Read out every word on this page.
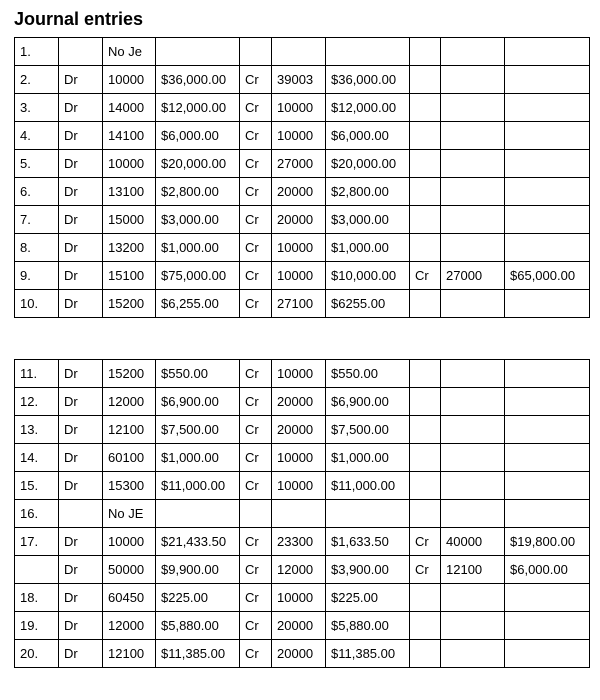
Journal entries
1.		No Je							
2.	Dr	10000	$36,000.00	Cr	39003	$36,000.00			
3.	Dr	14000	$12,000.00	Cr	10000	$12,000.00			
4.	Dr	14100	$6,000.00	Cr	10000	$6,000.00			
5.	Dr	10000	$20,000.00	Cr	27000	$20,000.00			
6.	Dr	13100	$2,800.00	Cr	20000	$2,800.00			
7.	Dr	15000	$3,000.00	Cr	20000	$3,000.00			
8.	Dr	13200	$1,000.00	Cr	10000	$1,000.00			
9.	Dr	15100	$75,000.00	Cr	10000	$10,000.00	Cr	27000	$65,000.00
10.	Dr	15200	$6,255.00	Cr	27100	$6255.00			
11.	Dr	15200	$550.00	Cr	10000	$550.00			
12.	Dr	12000	$6,900.00	Cr	20000	$6,900.00			
13.	Dr	12100	$7,500.00	Cr	20000	$7,500.00			
14.	Dr	60100	$1,000.00	Cr	10000	$1,000.00			
15.	Dr	15300	$11,000.00	Cr	10000	$11,000.00			
16.		No JE							
17.	Dr	10000	$21,433.50	Cr	23300	$1,633.50	Cr	40000	$19,800.00
	Dr	50000	$9,900.00	Cr	12000	$3,900.00	Cr	12100	$6,000.00
18.	Dr	60450	$225.00	Cr	10000	$225.00			
19.	Dr	12000	$5,880.00	Cr	20000	$5,880.00			
20.	Dr	12100	$11,385.00	Cr	20000	$11,385.00			
